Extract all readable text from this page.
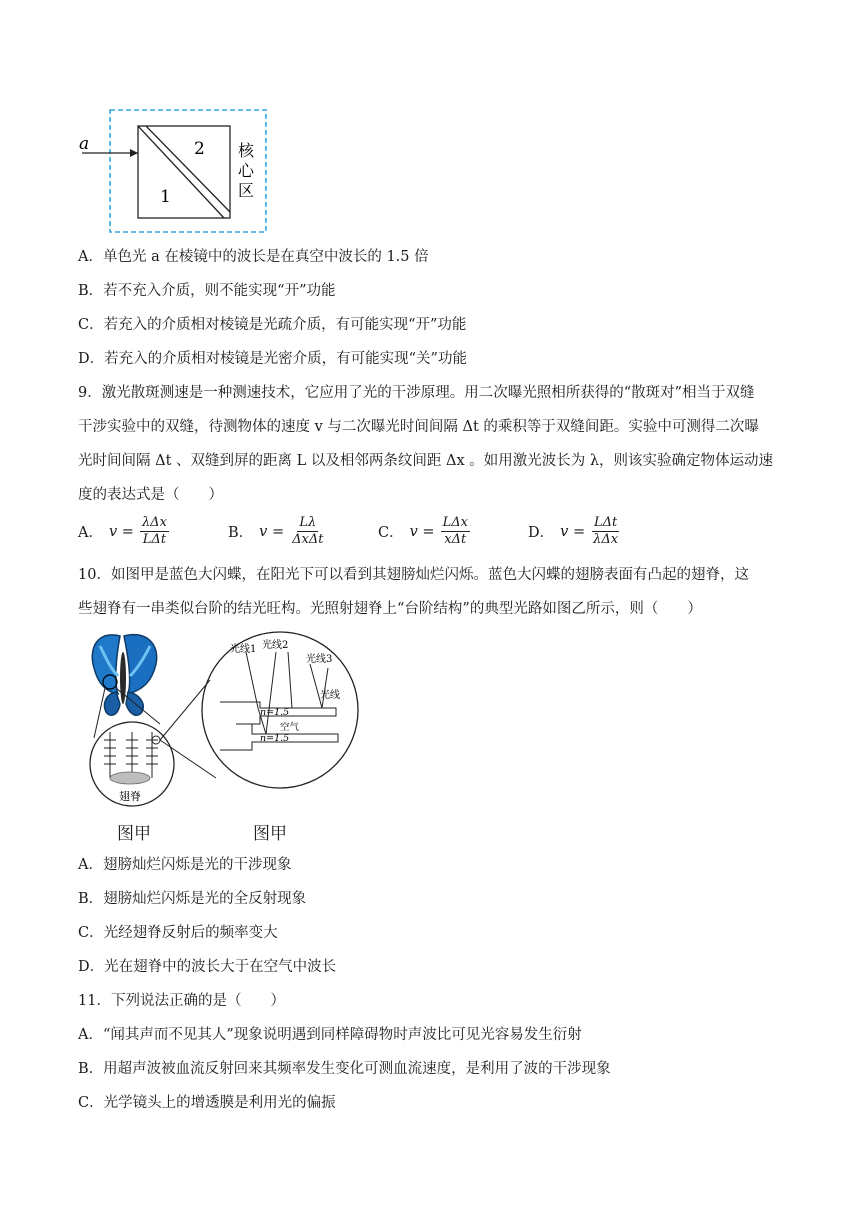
a	2
1
核
心
区
A．单色光 a 在棱镜中的波长是在真空中波长的 1.5 倍
B．若不充入介质，则不能实现“开”功能
C．若充入的介质相对棱镜是光疏介质，有可能实现“开”功能
D．若充入的介质相对棱镜是光密介质，有可能实现“关”功能
9．激光散斑测速是一种测速技术，它应用了光的干涉原理。用二次曝光照相所获得的“散斑对”相当于双缝
干涉实验中的双缝，待测物体的速度 v 与二次曝光时间间隔 Δt 的乘积等于双缝间距。实验中可测得二次曝
光时间间隔 Δt 、双缝到屏的距离 L 以及相邻两条纹间距 Δx 。如用激光波长为 λ，则该实验确定物体运动速
度的表达式是（　　）
A． $v = \frac{\text{λΔx}}{\text{LΔt}}$	B． $v = \frac{L\lambda}{\text{ΔxΔt}}$	C． $v = \frac{\text{LΔx}}{\text{xΔt}}$	D． $v = \frac{\text{LΔt}}{\text{λΔx}}$
10．如图甲是蓝色大闪蝶，在阳光下可以看到其翅膀灿烂闪烁。蓝色大闪蝶的翅膀表面有凸起的翅脊，这
些翅脊有一串类似台阶的结光旺构。光照射翅脊上“台阶结构”的典型光路如图乙所示，则（　　）
翅脊
n=1.5
空气
n=1.5
光线1 光线2
光线3
光线
图甲	图甲
A．翅膀灿烂闪烁是光的干涉现象
B．翅膀灿烂闪烁是光的全反射现象
C．光经翅脊反射后的频率变大
D．光在翅脊中的波长大于在空气中波长
11．下列说法正确的是（　　）
A．“闻其声而不见其人”现象说明遇到同样障碍物时声波比可见光容易发生衍射
B．用超声波被血流反射回来其频率发生变化可测血流速度，是利用了波的干涉现象
C．光学镜头上的增透膜是利用光的偏振
